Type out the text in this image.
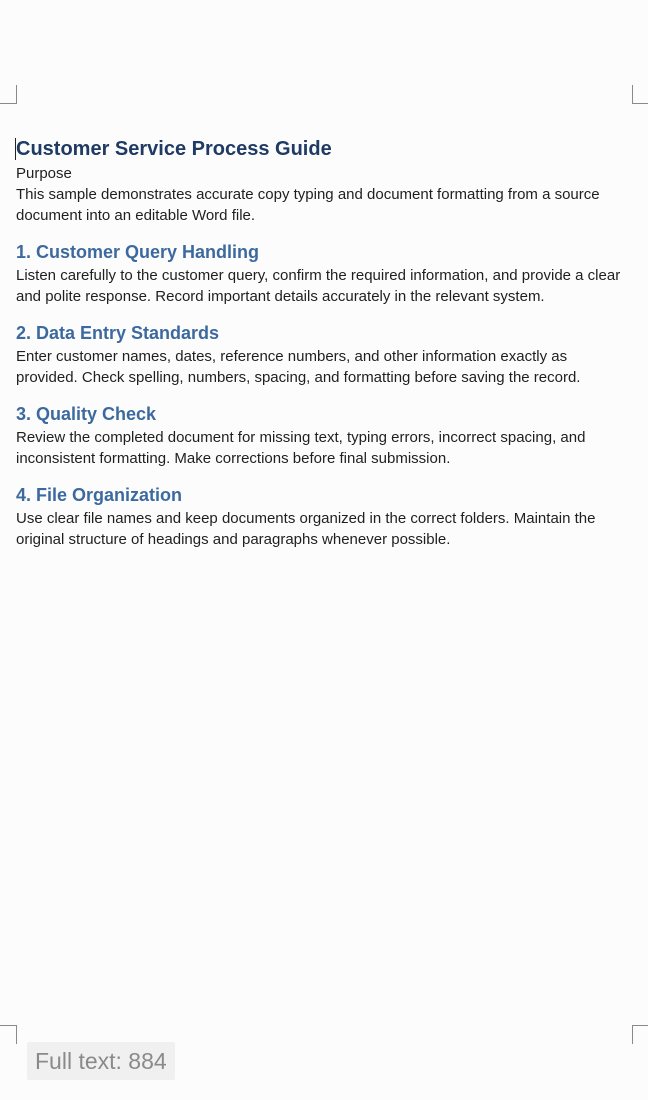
Customer Service Process Guide

Purpose

This sample demonstrates accurate copy typing and document formatting from a source document into an editable Word file.

1. Customer Query Handling

Listen carefully to the customer query, confirm the required information, and provide a clear and polite response. Record important details accurately in the relevant system.

2. Data Entry Standards

Enter customer names, dates, reference numbers, and other information exactly as provided. Check spelling, numbers, spacing, and formatting before saving the record.

3. Quality Check

Review the completed document for missing text, typing errors, incorrect spacing, and inconsistent formatting. Make corrections before final submission.

4. File Organization

Use clear file names and keep documents organized in the correct folders. Maintain the original structure of headings and paragraphs whenever possible.

Full text: 884
